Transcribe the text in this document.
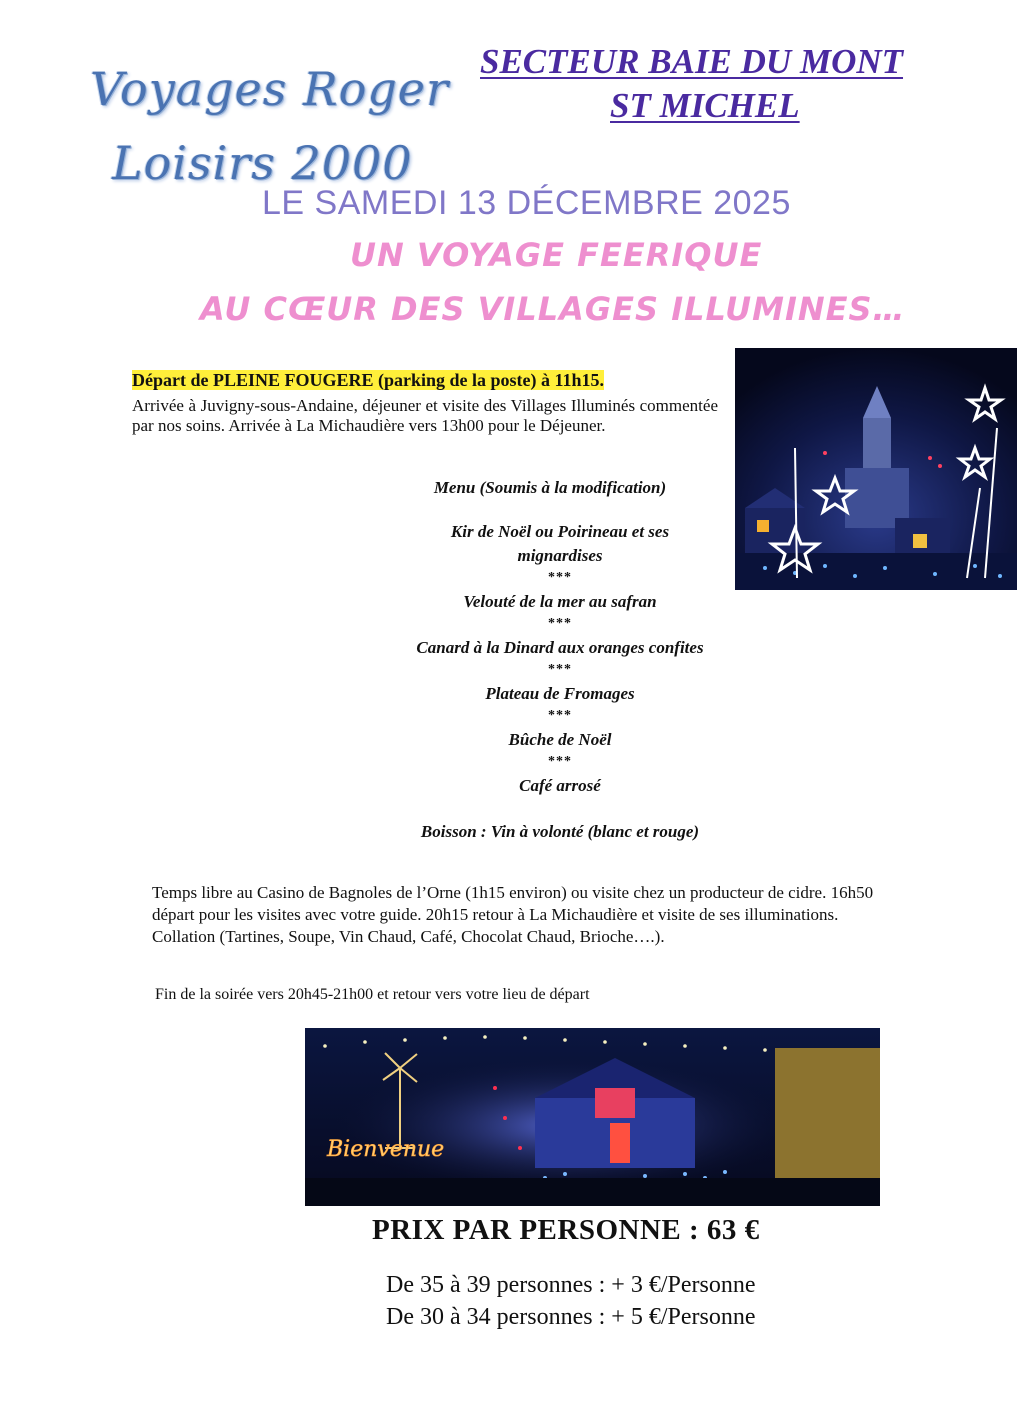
Voyages Roger
Loisirs 2000
SECTEUR BAIE DU MONT
ST MICHEL
LE SAMEDI 13 DÉCEMBRE 2025
UN VOYAGE FEERIQUE
AU CŒUR DES VILLAGES ILLUMINES…
Départ de PLEINE FOUGERE (parking de la poste) à 11h15.
Arrivée à Juvigny-sous-Andaine, déjeuner et visite des Villages Illuminés commentée par nos soins. Arrivée à La Michaudière vers 13h00 pour le Déjeuner.
Menu (Soumis à la modification)
Kir de Noël ou Poirineau et ses
mignardises
***
Velouté de la mer au safran
***
Canard à la Dinard aux oranges confites
***
Plateau de Fromages
***
Bûche de Noël
***
Café arrosé
Boisson : Vin à volonté (blanc et rouge)
Temps libre au Casino de Bagnoles de l’Orne (1h15 environ) ou visite chez un producteur de cidre. 16h50
départ pour les visites avec votre guide. 20h15 retour à La Michaudière et visite de ses illuminations.
Collation (Tartines, Soupe, Vin Chaud, Café, Chocolat Chaud, Brioche….).
Fin de la soirée vers 20h45-21h00 et retour vers votre lieu de départ
Bienvenue
PRIX PAR PERSONNE : 63 €
De 35 à 39 personnes : + 3 €/Personne
De 30 à 34 personnes : + 5 €/Personne
